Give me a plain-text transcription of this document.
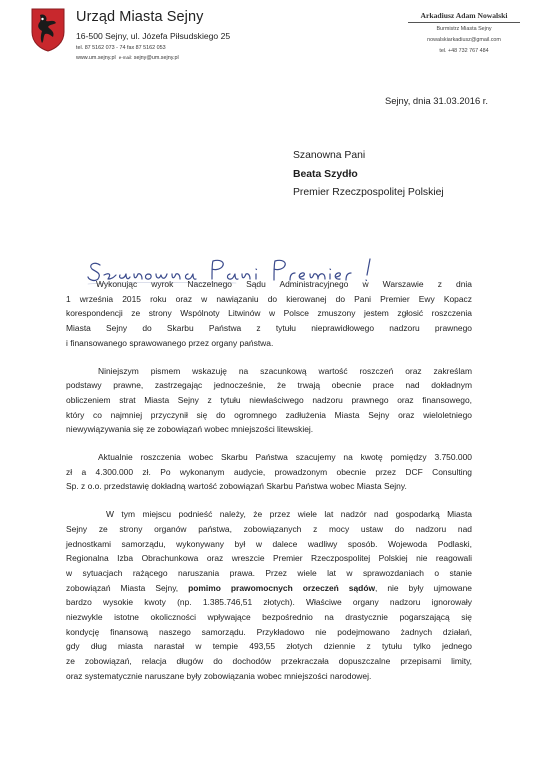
Urząd Miasta Sejny
16-500 Sejny, ul. Józefa Piłsudskiego 25
tel. 87 5162 073 - 74 fax 87 5162 053
www.um.sejny.pl e-mail: sejny@um.sejny.pl
Arkadiusz Adam Nowalski
Burmistrz Miasta Sejny
nowalskiarkadiusz@gmail.com
tel. +48 732 767 484
Sejny, dnia 31.03.2016 r.
Szanowna Pani
Beata Szydło
Premier Rzeczpospolitej Polskiej
Wykonując wyrok Naczelnego Sądu Administracyjnego w Warszawie z dnia
1 września 2015 roku oraz w nawiązaniu do kierowanej do Pani Premier Ewy Kopacz
korespondencji ze strony Wspólnoty Litwinów w Polsce zmuszony jestem zgłosić roszczenia
Miasta Sejny do Skarbu Państwa z tytułu nieprawidłowego nadzoru prawnego
i finansowanego sprawowanego przez organy państwa.
Niniejszym pismem wskazuję na szacunkową wartość roszczeń oraz zakreślam
podstawy prawne, zastrzegając jednocześnie, że trwają obecnie prace nad dokładnym
obliczeniem strat Miasta Sejny z tytułu niewłaściwego nadzoru prawnego oraz finansowego,
który co najmniej przyczynił się do ogromnego zadłużenia Miasta Sejny oraz wieloletniego
niewywiązywania się ze zobowiązań wobec mniejszości litewskiej.
Aktualnie roszczenia wobec Skarbu Państwa szacujemy na kwotę pomiędzy 3.750.000
zł a 4.300.000 zł. Po wykonanym audycie, prowadzonym obecnie przez DCF Consulting
Sp. z o.o. przedstawię dokładną wartość zobowiązań Skarbu Państwa wobec Miasta Sejny.
W tym miejscu podnieść należy, że przez wiele lat nadzór nad gospodarką Miasta
Sejny ze strony organów państwa, zobowiązanych z mocy ustaw do nadzoru nad
jednostkami samorządu, wykonywany był w dalece wadliwy sposób. Wojewoda Podlaski,
Regionalna Izba Obrachunkowa oraz wreszcie Premier Rzeczpospolitej Polskiej nie reagowali
w sytuacjach rażącego naruszania prawa. Przez wiele lat w sprawozdaniach o stanie
zobowiązań Miasta Sejny, pomimo prawomocnych orzeczeń sądów, nie były ujmowane
bardzo wysokie kwoty (np. 1.385.746,51 złotych). Właściwe organy nadzoru ignorowały
niezwykle istotne okoliczności wpływające bezpośrednio na drastycznie pogarszającą się
kondycję finansową naszego samorządu. Przykładowo nie podejmowano żadnych działań,
gdy dług miasta narastał w tempie 493,55 złotych dziennie z tytułu tylko jednego
ze zobowiązań, relacja długów do dochodów przekraczała dopuszczalne przepisami limity,
oraz systematycznie naruszane były zobowiązania wobec mniejszości narodowej.
